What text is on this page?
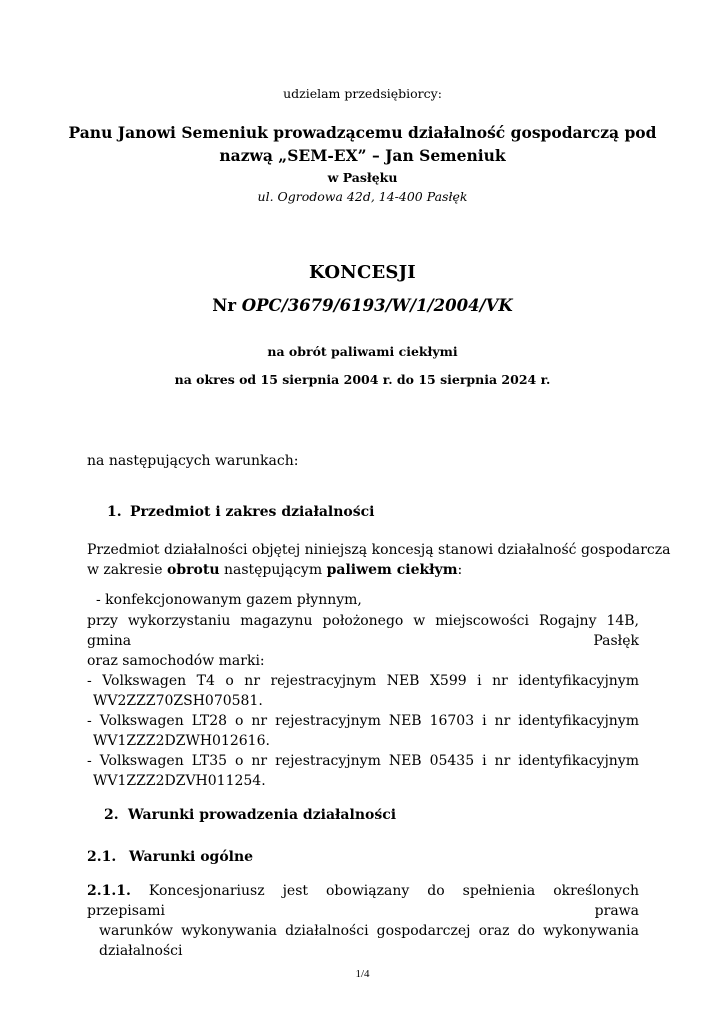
udzielam przedsiębiorcy:
Panu Janowi Semeniuk prowadzącemu działalność gospodarczą pod
nazwą „SEM-EX” – Jan Semeniuk
w Pasłęku
ul. Ogrodowa 42d, 14-400 Pasłęk
KONCESJI
Nr OPC/3679/6193/W/1/2004/VK
na obrót paliwami ciekłymi
na okres od 15 sierpnia 2004 r. do 15 sierpnia 2024 r.
na następujących warunkach:
1. Przedmiot i zakres działalności
Przedmiot działalności objętej niniejszą koncesją stanowi działalność gospodarcza
w zakresie obrotu następującym paliwem ciekłym:
- konfekcjonowanym gazem płynnym,
przy wykorzystaniu magazynu położonego w miejscowości Rogajny 14B, gmina Pasłęk
oraz samochodów marki:
- Volkswagen T4 o nr rejestracyjnym NEB X599 i nr identyfikacyjnym
WV2ZZZ70ZSH070581.
- Volkswagen LT28 o nr rejestracyjnym NEB 16703 i nr identyfikacyjnym
WV1ZZZ2DZWH012616.
- Volkswagen LT35 o nr rejestracyjnym NEB 05435 i nr identyfikacyjnym
WV1ZZZ2DZVH011254.
2. Warunki prowadzenia działalności
2.1. Warunki ogólne
2.1.1. Koncesjonariusz jest obowiązany do spełnienia określonych przepisami prawa
warunków wykonywania działalności gospodarczej oraz do wykonywania działalności
1/4
